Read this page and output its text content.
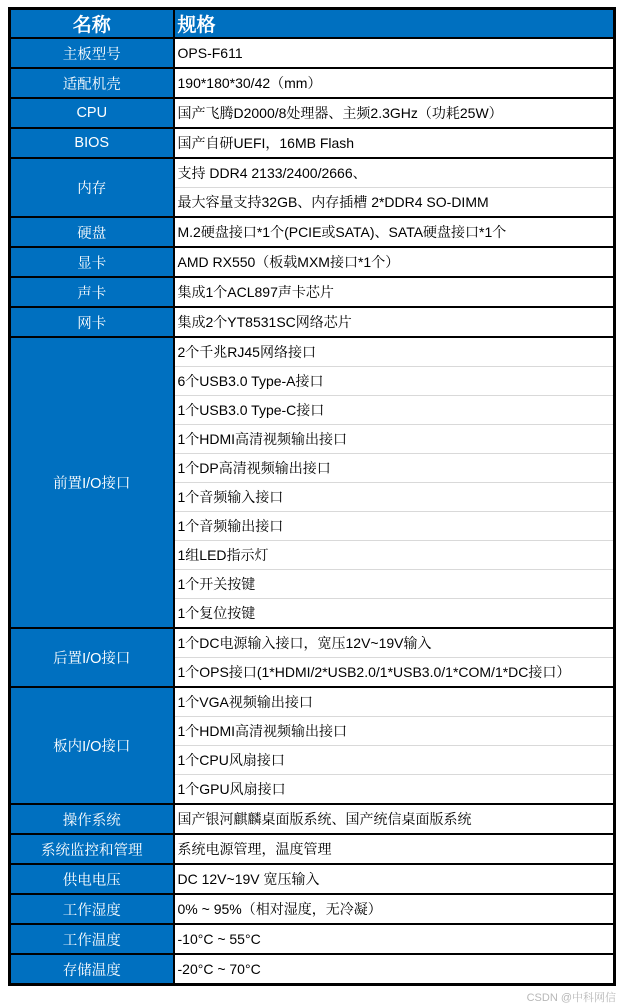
名称	规格
主板型号	OPS-F611
适配机壳	190*180*30/42（mm）
CPU	国产飞腾D2000/8处理器、主频2.3GHz（功耗25W）
BIOS	国产自研UEFI，16MB Flash
内存	支持 DDR4 2133/2400/2666、
	最大容量支持32GB、内存插槽 2*DDR4 SO-DIMM
硬盘	M.2硬盘接口*1个(PCIE或SATA)、SATA硬盘接口*1个
显卡	AMD RX550（板载MXM接口*1个）
声卡	集成1个ACL897声卡芯片
网卡	集成2个YT8531SC网络芯片
前置I/O接口	2个千兆RJ45网络接口
	6个USB3.0 Type-A接口
	1个USB3.0 Type-C接口
	1个HDMI高清视频输出接口
	1个DP高清视频输出接口
	1个音频输入接口
	1个音频输出接口
	1组LED指示灯
	1个开关按键
	1个复位按键
后置I/O接口	1个DC电源输入接口，宽压12V~19V输入
	1个OPS接口(1*HDMI/2*USB2.0/1*USB3.0/1*COM/1*DC接口）
板内I/O接口	1个VGA视频输出接口
	1个HDMI高清视频输出接口
	1个CPU风扇接口
	1个GPU风扇接口
操作系统	国产银河麒麟桌面版系统、国产统信桌面版系统
系统监控和管理	系统电源管理，温度管理
供电电压	DC 12V~19V 宽压输入
工作湿度	0% ~ 95%（相对湿度，无冷凝）
工作温度	-10°C ~ 55°C
存储温度	-20°C ~ 70°C
CSDN @中科网信
